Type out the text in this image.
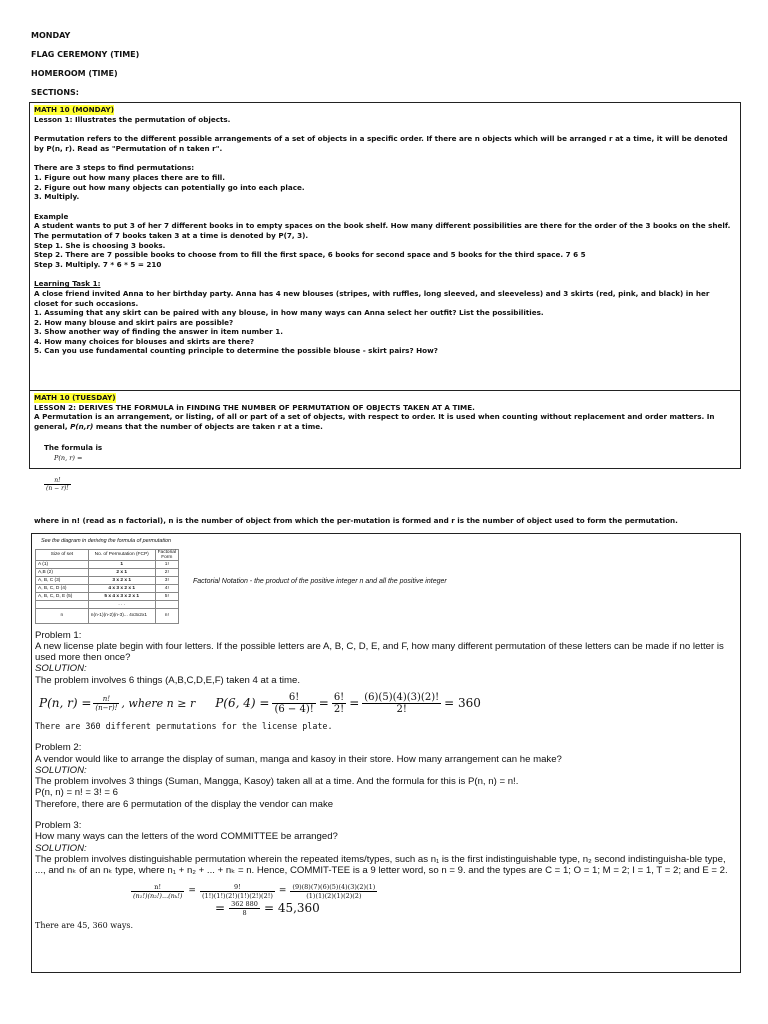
MONDAY
FLAG CEREMONY (TIME)
HOMEROOM (TIME)
SECTIONS:
MATH 10 (MONDAY)
Lesson 1: Illustrates the permutation of objects.
Permutation refers to the different possible arrangements of a set of objects in a specific order. If there are n objects which will be arranged r at a time, it will be denoted by P(n, r). Read as "Permutation of n taken r".
There are 3 steps to find permutations:
1. Figure out how many places there are to fill.
2. Figure out how many objects can potentially go into each place.
3. Multiply.
Example
A student wants to put 3 of her 7 different books in to empty spaces on the book shelf. How many different possibilities are there for the order of the 3 books on the shelf. The permutation of 7 books taken 3 at a time is denoted by P(7, 3).
Step 1. She is choosing 3 books.
Step 2. There are 7 possible books to choose from to fill the first space, 6 books for second space and 5 books for the third space. 7 6 5
Step 3. Multiply. 7 * 6 * 5 = 210
Learning Task 1:
A close friend invited Anna to her birthday party. Anna has 4 new blouses (stripes, with ruffles, long sleeved, and sleeveless) and 3 skirts (red, pink, and black) in her closet for such occasions.
1. Assuming that any skirt can be paired with any blouse, in how many ways can Anna select her outfit? List the possibilities.
2. How many blouse and skirt pairs are possible?
3. Show another way of finding the answer in item number 1.
4. How many choices for blouses and skirts are there?
5. Can you use fundamental counting principle to determine the possible blouse - skirt pairs? How?
MATH 10 (TUESDAY)
LESSON 2: DERIVES THE FORMULA in FINDING THE NUMBER OF PERMUTATION OF OBJECTS TAKEN AT A TIME.
A Permutation is an arrangement, or listing, of all or part of a set of objects, with respect to order. It is used when counting without replacement and order matters. In general, P(n,r) means that the number of objects are taken r at a time.

The formula is
P(n, r) =

$\frac{n!}{(n - r)!}$

where in n! (read as n factorial), n is the number of object from which the per-mutation is formed and r is the number of object used to form the permutation.
See the diagram in deriving the formula of permutation
Size of set	No. of Permutation (FCP)	Factorial Form
A (1)	1	1!
A,B (2)	2 x 1	2!
A, B, C (3)	3 x 2 x 1	3!
A, B, C, D (4)	4 x 3 x 2 x 1	4!
A, B, C, D, E (5)	5 x 4 x 3 x 2 x 1	5!
	. . .	
n	n(n-1)(n-2)(n-3)... 4x3x2x1	n!
Factorial Notation - the product of the positive integer n and all the positive integer
Problem 1:
A new license plate begin with four letters. If the possible letters are A, B, C, D, E, and F, how many different permutation of these letters can be made if no letter is used more then once?
SOLUTION:
The problem involves 6 things (A,B,C,D,E,F) taken 4 at a time.
P(n, $r) = \frac{n!}{(n-r)!}$ , where n ≥ r P(6, $4) = \frac{6!}{(6 - 4)!} = \frac{6!}{2!} = \frac{(6)(5)(4)(3)(2)!}{2!} = 360$
There are 360 different permutations for the license plate.
Problem 2:
A vendor would like to arrange the display of suman, manga and kasoy in their store. How many arrangement can he make?
SOLUTION:
The problem involves 3 things (Suman, Mangga, Kasoy) taken all at a time. And the formula for this is P(n, n) = n!.
P(n, n) = n! = 3! = 6
Therefore, there are 6 permutation of the display the vendor can make
Problem 3:
How many ways can the letters of the word COMMITTEE be arranged?
SOLUTION:
The problem involves distinguishable permutation wherein the repeated items/types, such as n₁ is the first indistinguishable type, n₂ second indistinguisha-ble type, ..., and nₖ of an nₖ type, where n₁ + n₂ + ... + nₖ = n. Hence, COMMIT-TEE is a 9 letter word, so n = 9. and the types are C = 1; O = 1; M = 2; I = 1, T = 2; and E = 2.
$\frac{n!}{\text{(n₁!)(n₂!)...(nₖ!)}} = \frac{9!}{(1!)(1!)(2!)(1!)(2!)(2!)} = \frac{(9)(8)(7)(6)(5)(4)(3)(2)(1)}{(1)(1)(2)(1)(2)(2)}$
= $\frac{362 880}{8} = 45,360$
There are 45, 360 ways.
